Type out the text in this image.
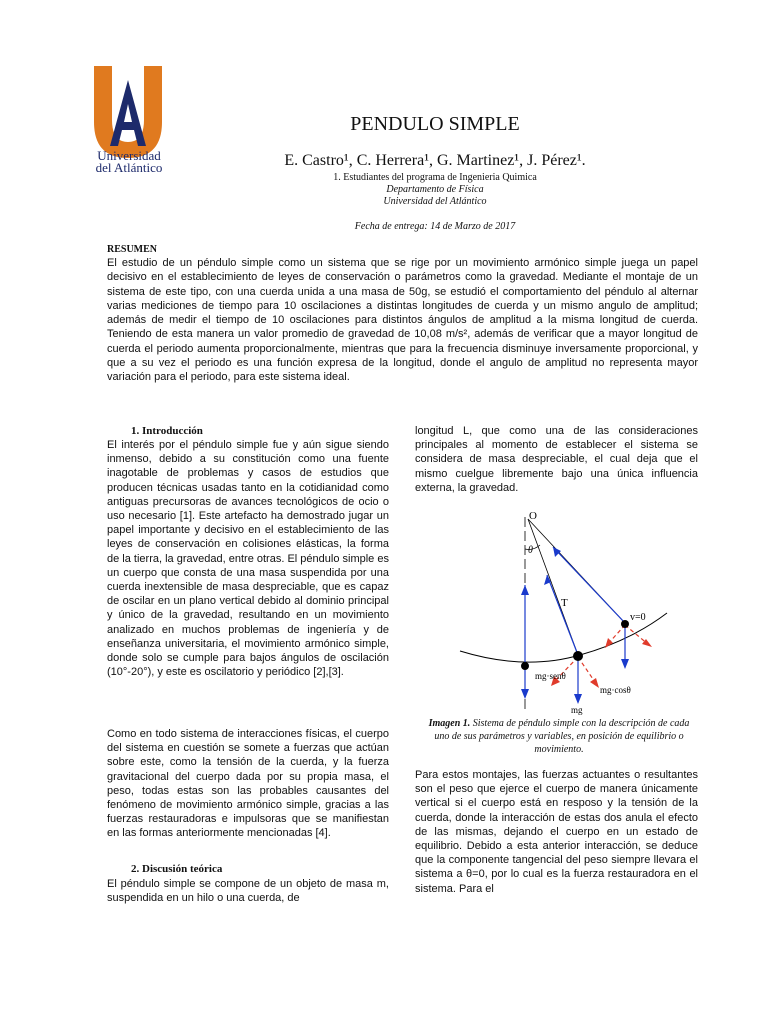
Universidad
del Atlántico
PENDULO SIMPLE
E. Castro¹, C. Herrera¹, G. Martinez¹, J. Pérez¹.
1. Estudiantes del programa de Ingenieria Quimica
Departamento de Física
Universidad del Atlántico
Fecha de entrega: 14 de Marzo de 2017
RESUMEN
El estudio de un péndulo simple como un sistema que se rige por un movimiento armónico simple juega un papel decisivo en el establecimiento de leyes de conservación o parámetros como la gravedad. Mediante el montaje de un sistema de este tipo, con una cuerda unida a una masa de 50g, se estudió el comportamiento del péndulo al alternar varias mediciones de tiempo para 10 oscilaciones a distintas longitudes de cuerda y un mismo angulo de amplitud; además de medir el tiempo de 10 oscilaciones para distintos ángulos de amplitud a la misma longitud de cuerda. Teniendo de esta manera un valor promedio de gravedad de 10,08 m/s², además de verificar que a mayor longitud de cuerda el periodo aumenta proporcionalmente, mientras que para la frecuencia disminuye inversamente proporcional, y que a su vez el periodo es una función expresa de la longitud, donde el angulo de amplitud no representa mayor variación para el periodo, para este sistema ideal.
1. Introducción
El interés por el péndulo simple fue y aún sigue siendo inmenso, debido a su constitución como una fuente inagotable de problemas y casos de estudios que producen técnicas usadas tanto en la cotidianidad como antiguas precursoras de avances tecnológicos de ocio o uso necesario [1]. Este artefacto ha demostrado jugar un papel importante y decisivo en el establecimiento de las leyes de conservación en colisiones elásticas, la forma de la tierra, la gravedad, entre otras. El péndulo simple es un cuerpo que consta de una masa suspendida por una cuerda inextensible de masa despreciable, que es capaz de oscilar en un plano vertical debido al dominio principal y único de la gravedad, resultando en un movimiento analizado en muchos problemas de ingeniería y de enseñanza universitaria, el movimiento armónico simple, donde solo se cumple para bajos ángulos de oscilación (10°-20°), y este es oscilatorio y periódico [2],[3].
Como en todo sistema de interacciones físicas, el cuerpo del sistema en cuestión se somete a fuerzas que actúan sobre este, como la tensión de la cuerda, y la fuerza gravitacional del cuerpo dada por su propia masa, el peso, todas estas son las probables causantes del fenómeno de movimiento armónico simple, gracias a las fuerzas restauradoras e impulsoras que se manifiestan en las formas anteriormente mencionadas [4].
2. Discusión teórica
El péndulo simple se compone de un objeto de masa m, suspendida en un hilo o una cuerda, de
longitud L, que como una de las consideraciones principales al momento de establecer el sistema se considera de masa despreciable, el cual deja que el mismo cuelgue libremente bajo una única influencia externa, la gravedad.
O
θ
T
v=0
mg·senθ
mg·cosθ
mg
Imagen 1. Sistema de péndulo simple con la descripción de cada uno de sus parámetros y variables, en posición de equilibrio o movimiento.
Para estos montajes, las fuerzas actuantes o resultantes son el peso que ejerce el cuerpo de manera únicamente vertical si el cuerpo está en resposo y la tensión de la cuerda, donde la interacción de estas dos anula el efecto de las mismas, dejando el cuerpo en un estado de equilibrio. Debido a esta anterior interacción, se deduce que la componente tangencial del peso siempre llevara el sistema a θ=0, por lo cual es la fuerza restauradora en el sistema. Para el
